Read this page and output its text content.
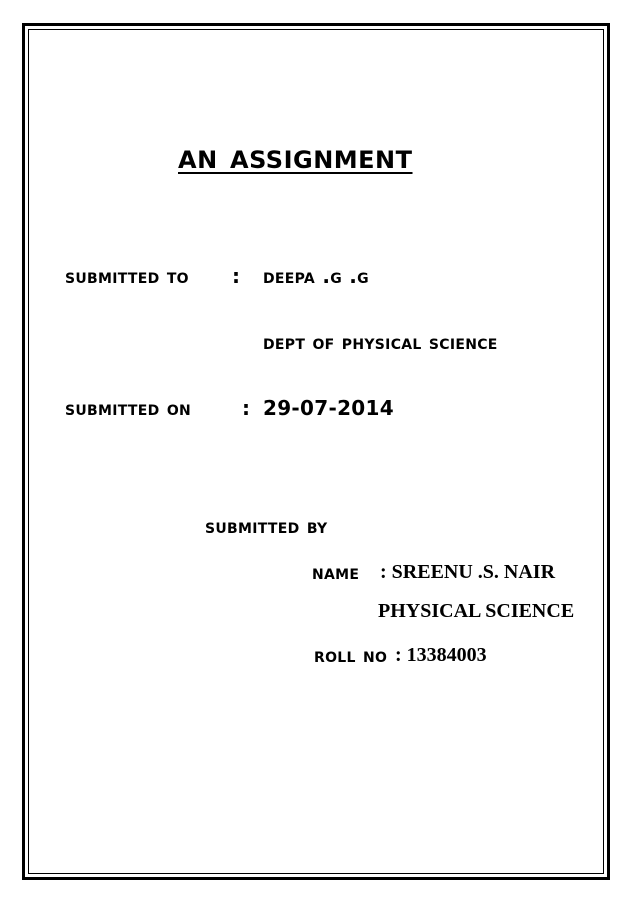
an assignment
submitted to : deepa .g .g
dept of physical science
submitted on	: 29-07-2014
submitted by
name : SREENU .S. NAIR
PHYSICAL SCIENCE
roll no : 13384003
